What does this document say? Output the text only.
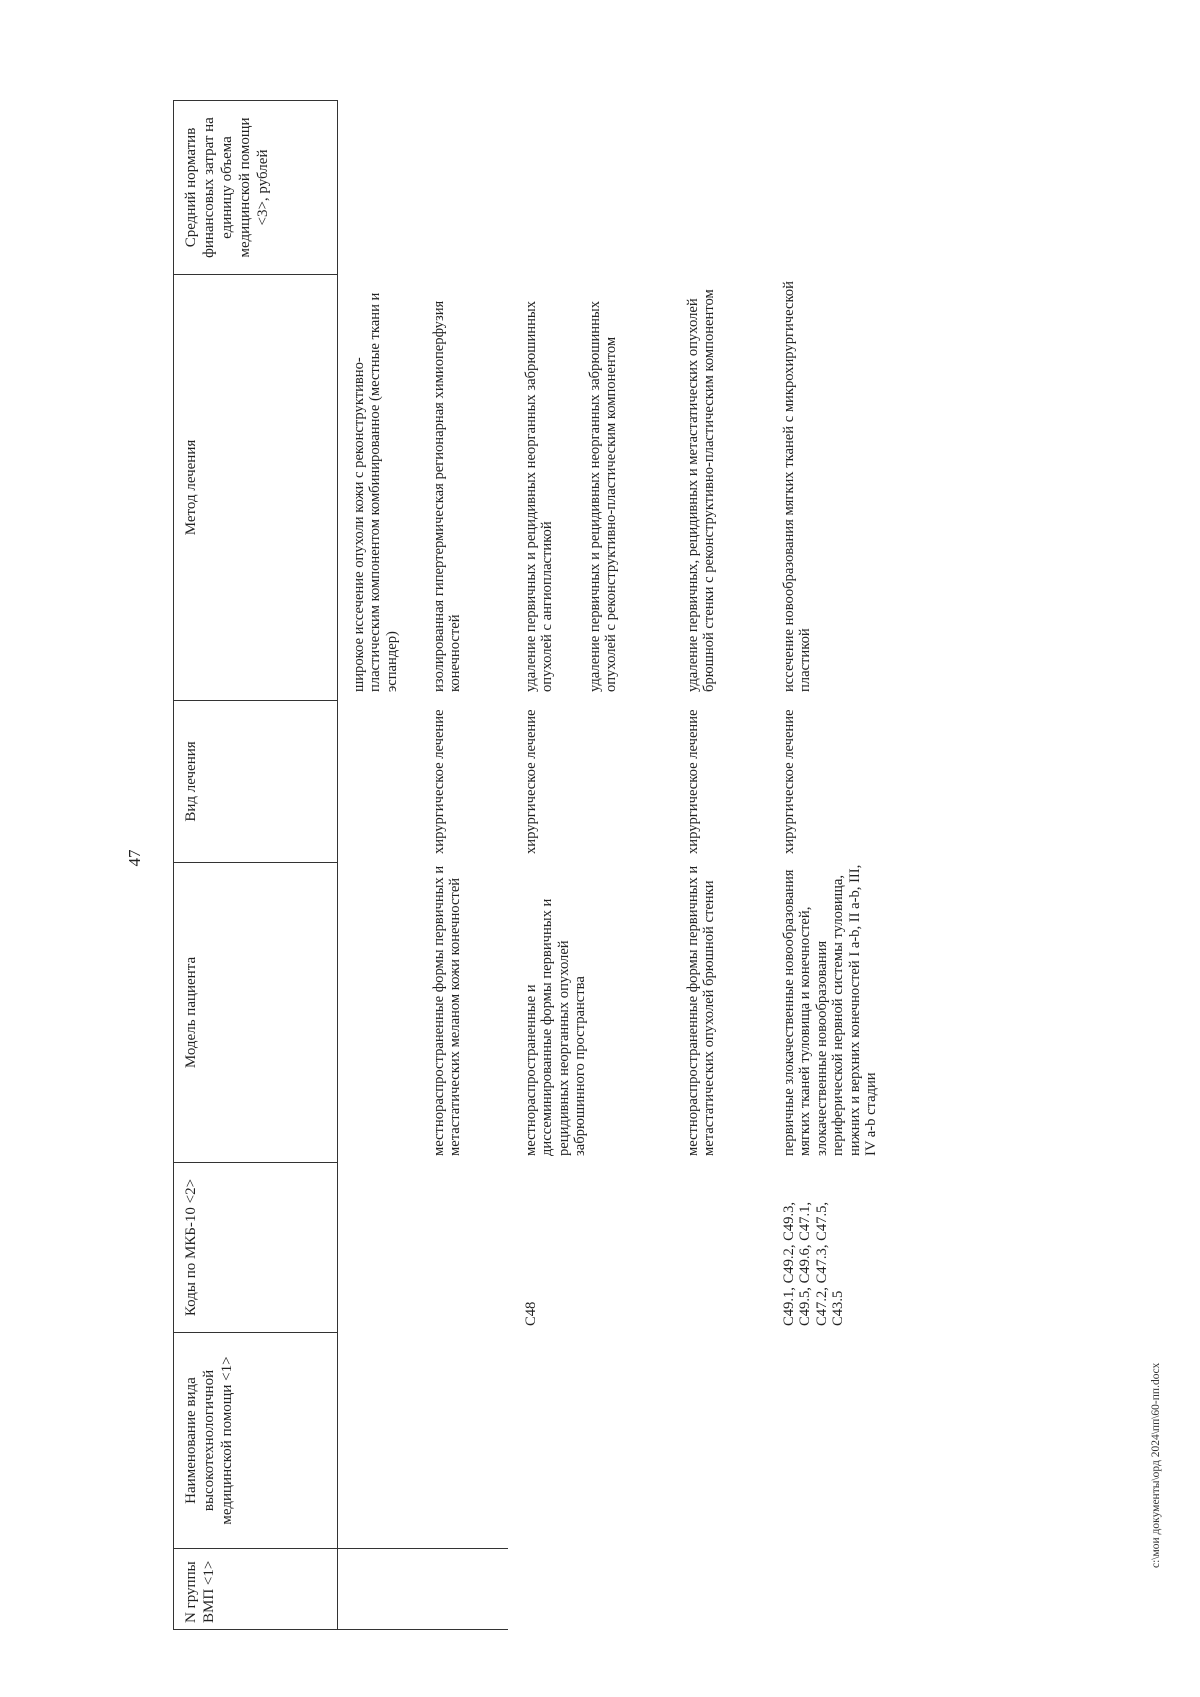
47
N группы ВМП <1>
Наименование вида высокотехнологичной медицинской помощи <1>
Коды по МКБ-10 <2>
Модель пациента
Вид лечения
Метод лечения
Средний норматив финансовых затрат на единицу объема медицинской помощи <3>, рублей
широкое иссечение опухоли кожи с реконструктивно-пластическим компонентом комбинированное (местные ткани и эспандер)
местнораспространенные формы первичных и метастатических меланом кожи конечностей
хирургическое лечение
изолированная гипертермическая регионарная химиоперфузия конечностей
C48
местнораспространенные и диссеминированные формы первичных и рецидивных неорганных опухолей забрюшинного пространства
хирургическое лечение
удаление первичных и рецидивных неорганных забрюшинных опухолей с ангиопластикой удаление первичных и рецидивных неорганных забрюшинных опухолей с реконструктивно-пластическим компонентом
местнораспространенные формы первичных и метастатических опухолей брюшной стенки
хирургическое лечение
удаление первичных, рецидивных и метастатических опухолей брюшной стенки с реконструктивно-пластическим компонентом
C49.1, C49.2, C49.3, C49.5, C49.6, C47.1, C47.2, C47.3, C47.5, C43.5
первичные злокачественные новообразования мягких тканей туловища и конечностей, злокачественные новообразования периферической нервной системы туловища, нижних и верхних конечностей I a-b, II a-b, III, IV a-b стадии
хирургическое лечение
иссечение новообразования мягких тканей с микрохирургической пластикой
c:\мои документы\орд 2024\пп\60-пп.docx
